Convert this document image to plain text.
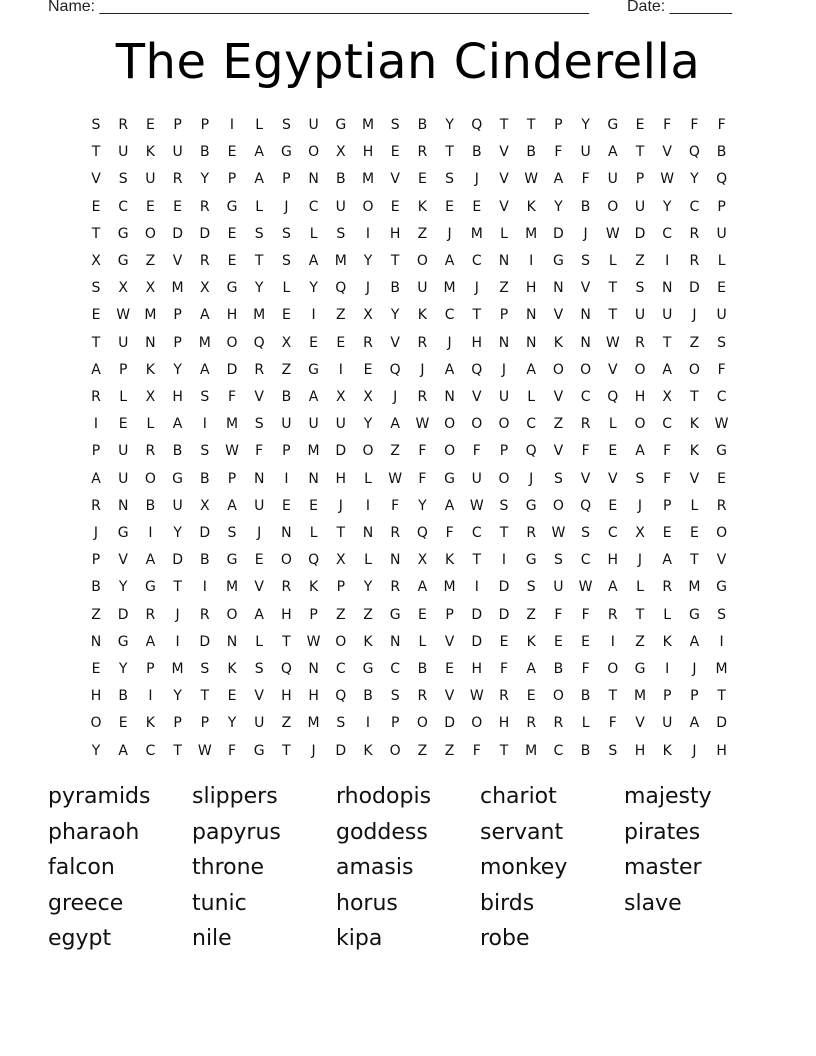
Name: _______________________________________________________ Date: _______
The Egyptian Cinderella
S	R	E	P	P	I	L	S	U	G	M	S	B	Y	Q	T	T	P	Y	G	E	F	F	F
T	U	K	U	B	E	A	G	O	X	H	E	R	T	B	V	B	F	U	A	T	V	Q	B
V	S	U	R	Y	P	A	P	N	B	M	V	E	S	J	V	W	A	F	U	P	W	Y	Q
E	C	E	E	R	G	L	J	C	U	O	E	K	E	E	V	K	Y	B	O	U	Y	C	P
T	G	O	D	D	E	S	S	L	S	I	H	Z	J	M	L	M	D	J	W	D	C	R	U
X	G	Z	V	R	E	T	S	A	M	Y	T	O	A	C	N	I	G	S	L	Z	I	R	L
S	X	X	M	X	G	Y	L	Y	Q	J	B	U	M	J	Z	H	N	V	T	S	N	D	E
E	W	M	P	A	H	M	E	I	Z	X	Y	K	C	T	P	N	V	N	T	U	U	J	U
T	U	N	P	M	O	Q	X	E	E	R	V	R	J	H	N	N	K	N	W	R	T	Z	S
A	P	K	Y	A	D	R	Z	G	I	E	Q	J	A	Q	J	A	O	O	V	O	A	O	F
R	L	X	H	S	F	V	B	A	X	X	J	R	N	V	U	L	V	C	Q	H	X	T	C
I	E	L	A	I	M	S	U	U	U	Y	A	W	O	O	O	C	Z	R	L	O	C	K	W
P	U	R	B	S	W	F	P	M	D	O	Z	F	O	F	P	Q	V	F	E	A	F	K	G
A	U	O	G	B	P	N	I	N	H	L	W	F	G	U	O	J	S	V	V	S	F	V	E
R	N	B	U	X	A	U	E	E	J	I	F	Y	A	W	S	G	O	Q	E	J	P	L	R
J	G	I	Y	D	S	J	N	L	T	N	R	Q	F	C	T	R	W	S	C	X	E	E	O
P	V	A	D	B	G	E	O	Q	X	L	N	X	K	T	I	G	S	C	H	J	A	T	V
B	Y	G	T	I	M	V	R	K	P	Y	R	A	M	I	D	S	U	W	A	L	R	M	G
Z	D	R	J	R	O	A	H	P	Z	Z	G	E	P	D	D	Z	F	F	R	T	L	G	S
N	G	A	I	D	N	L	T	W	O	K	N	L	V	D	E	K	E	E	I	Z	K	A	I
E	Y	P	M	S	K	S	Q	N	C	G	C	B	E	H	F	A	B	F	O	G	I	J	M
H	B	I	Y	T	E	V	H	H	Q	B	S	R	V	W	R	E	O	B	T	M	P	P	T
O	E	K	P	P	Y	U	Z	M	S	I	P	O	D	O	H	R	R	L	F	V	U	A	D
Y	A	C	T	W	F	G	T	J	D	K	O	Z	Z	F	T	M	C	B	S	H	K	J	H
pyramids
pharaoh
falcon
greece
egypt
slippers
papyrus
throne
tunic
nile
rhodopis
goddess
amasis
horus
kipa
chariot
servant
monkey
birds
robe
majesty
pirates
master
slave
